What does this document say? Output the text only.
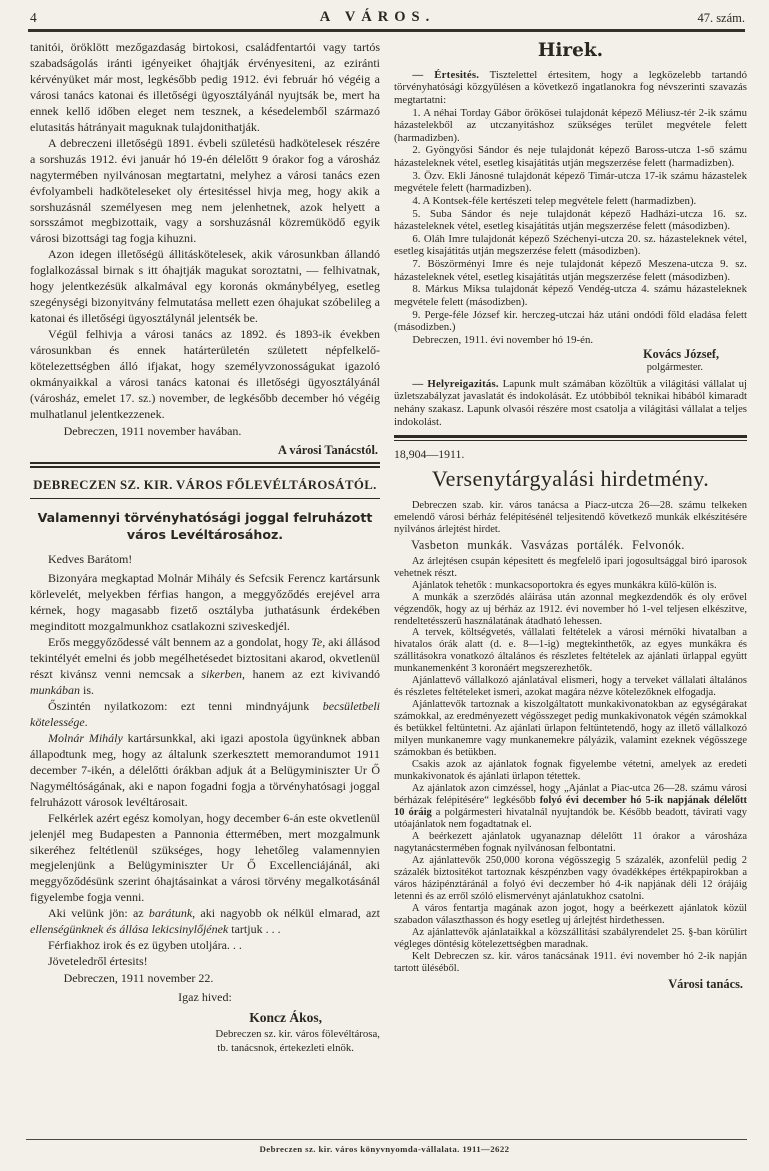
4	A VÁROS.	47. szám.

tanitói, öröklött mezőgazdaság birtokosi, családfentartói vagy tartós szabadságolás iránti igényeiket óhajtják érvényesiteni, az eziránti kérvényüket már most, legkésőbb pedig 1912. évi február hó végéig a városi tanács katonai és illetőségi ügyosztályánál nyujtsák be, mert ha ennek kellő időben eleget nem tesznek, a késedelemből származó elutasitás hátrányait maguknak tulajdonithatják.

A debreczeni illetőségü 1891. évbeli születésü hadkötelesek részére a sorshuzás 1912. évi január hó 19-én délelőtt 9 órakor fog a városház nagytermében nyilvánosan megtartatni, melyhez a városi tanács ezen évfolyambeli hadköteleseket oly értesitéssel hivja meg, hogy akik a sorshuzásnál személyesen meg nem jelenhetnek, azok helyett a sorsszámot megbizottaik, vagy a sorshuzásnál közremüködő egyik városi bizottsági tag fogja kihuzni.

Azon idegen illetőségü állitáskötelesek, akik városunkban állandó foglalkozással birnak s itt óhajtják magukat soroztatni, — felhivatnak, hogy jelentkezésük alkalmával egy koronás okmánybélyeg, esetleg szegénységi bizonyitvány felmutatása mellett ezen óhajukat szóbelileg a katonai és illetőségi ügyosztálynál jelentsék be.

Végül felhivja a városi tanács az 1892. és 1893-ik években városunkban és ennek határterületén született népfelkelő-kötelezettségben álló ifjakat, hogy személyvzonosságukat igazoló okmányaikkal a városi tanács katonai és illetőségi ügyosztályánál (városház, emelet 17. sz.) november, de legkésőbb december hó végéig mulhatlanul jelentkezzenek.

Debreczen, 1911 november havában.

A városi Tanácstól.
DEBRECZEN SZ. KIR. VÁROS FŐLEVÉLTÁROSÁTÓL.
Valamennyi törvényhatósági joggal felruházott város Levéltárosához.

Kedves Barátom!

Bizonyára megkaptad Molnár Mihály és Sefcsik Ferencz kartársunk körlevelét, melyekben férfias hangon, a meggyőződés erejével arra kérnek, hogy magasabb fizető osztályba juthatásunk érdekében meginditott mozgalmunkhoz csatlakozni sziveskedjél.

Erős meggyőződessé vált bennem az a gondolat, hogy Te, aki állásod tekintélyét emelni és jobb megélhetésedet biztositani akarod, okvetlenül részt kivánsz venni nemcsak a sikerben, hanem az ezt kivivandó munkában is.

Őszintén nyilatkozom: ezt tenni mindnyájunk becsületbeli kötelessége.

Molnár Mihály kartársunkkal, aki igazi apostola ügyünknek abban állapodtunk meg, hogy az általunk szerkesztett memorandumot 1911 december 7-ikén, a délelőtti órákban adjuk át a Belügyminiszter Ur Ő Nagyméltóságának, aki e napon fogadni fogja a törvényhatósagi joggal felruházott városok levéltárosait.

Felkérlek azért egész komolyan, hogy december 6-án este okvetlenül jelenjél meg Budapesten a Pannonia éttermében, mert mozgalmunk sikeréhez feltétlenül szükséges, hogy lehetőleg valamennyien megjelenjünk a Belügyminiszter Ur Ő Excellenciájánál, aki meggyőződésünk szerint óhajtásainkat a városi törvény megalkotásánál figyelembe fogja venni.

Aki velünk jön: az barátunk, aki nagyobb ok nélkül elmarad, azt ellenségünknek és állása lekicsinylőjének tartjuk . . .

Férfiakhoz irok és ez ügyben utoljára. . .

Jöveteledről értesits!

Debreczen, 1911 november 22.

Igaz hived:
Koncz Ákos,
Debreczen sz. kir. város fölevéltárosa,
tb. tanácsnok, értekezleti elnök.
Hirek.

— Értesités. Tisztelettel értesitem, hogy a legközelebb tartandó törvényhatósági közgyülésen a következő ingatlanokra fog névszerinti szavazás megtartatni:

1. A néhai Torday Gábor örökösei tulajdonát képező Méliusz-tér 2-ik számu házastelekből az utczanyitáshoz szükséges terület megvétele felett (harmadizben).

2. Gyöngyősi Sándor és neje tulajdonát képező Baross-utcza 1-ső számu házasteleknek vétel, esetleg kisajátitás utján megszerzése felett (harmadizben).

3. Özv. Ekli Jánosné tulajdonát képező Timár-utcza 17-ik számu házastelek megvétele felett (harmadizben).

4. A Kontsek-féle kertészeti telep megvétele felett (harmadizben).

5. Suba Sándor és neje tulajdonát képező Hadházi-utcza 16. sz. házasteleknek vétel, esetleg kisajátitás utján megszerzése felett (másodizben).

6. Oláh Imre tulajdonát képező Széchenyi-utcza 20. sz. házasteleknek vétel, esetleg kisajátitás utján megszerzése felett (másodizben).

7. Böszörményi Imre és neje tulajdonát képező Meszena-utcza 9. sz. házasteleknek vétel, esetleg kisajátitás utján megszerzése felett (másodizben).

8. Márkus Miksa tulajdonát képező Vendég-utcza 4. számu házasteleknek megvétele felett (másodizben).

9. Perge-féle József kir. herczeg-utczai ház utáni ondódi föld eladása felett (másodizben.)

Debreczen, 1911. évi november hó 19-én.

Kovács József,
polgármester.

— Helyreigazitás. Lapunk mult számában közöltük a világitási vállalat uj üzletszabályzat javaslatát és indokolását. Ez utóbbiból teknikai hibából kimaradt nehány szakasz. Lapunk olvasói részére most csatolja a világitási vállalat a teljes indokolást.

18,904—1911.
Versenytárgyalási hirdetmény.

Debreczen szab. kir. város tanácsa a Piacz-utcza 26—28. számu telkeken emelendő városi bérház felépitésénél teljesitendő következő munkák elkészitésére nyilvános árlejtést hirdet.

Vasbeton munkák. Vasvázas portálék. Felvonók.

Az árlejtésen csupán képesitett és megfelelő ipari jogosultsággal biró iparosok vehetnek részt.

Ajánlatok tehetők : munkacsoportokra és egyes munkákra külö-külön is.

A munkák a szerződés aláirása után azonnal megkezdendők és oly erővel végzendők, hogy az uj bérház az 1912. évi november hó 1-vel teljesen elkészitve, rendeltetésszerü használatának átadható lehessen.

A tervek, költségvetés, vállalati feltételek a városi mérnöki hivatalban a hivatalos órák alatt (d. e. 8—1-ig) megtekinthetők, az egyes munkákra és szállitásokra vonatkozó általános és részletes feltételek az ajánlati ürlappal együtt munkanemenként 3 koronáért megszerezhetők.

Ajánlattevő vállalkozó ajánlatával elismeri, hogy a terveket vállalati általános és részletes feltételeket ismeri, azokat magára nézve kötelezőknek elfogadja.

Ajánlattevők tartoznak a kiszolgáltatott munkakivonatokban az egységárakat számokkal, az eredményezett végösszeget pedig munkakivonatok végén számokkal és betükkel feltüntetni. Az ajánlati ürlapon feltüntetendő, hogy az illető vállalkozó milyen munkanemre vagy munkanemekre pályázik, valamint ezeknek végösszege számokban és betükben.

Csakis azok az ajánlatok fognak figyelembe vétetni, amelyek az eredeti munkakivonatok és ajánlati ürlapon tétettek.

Az ajánlatok azon cimzéssel, hogy „Ajánlat a Piac-utca 26—28. számu városi bérházak felépitésére“ legkésőbb folyó évi december hó 5-ik napjának délelőtt 10 óráig a polgármesteri hivatalnál nyujtandók be. Később beadott, távirati vagy utóajánlatok nem fogadtatnak el.

A beérkezett ajánlatok ugyanaznap délelőtt 11 órakor a városháza nagytanácstermében fognak nyilvánosan felbontatni.

Az ajánlattevők 250,000 korona végösszegig 5 százalék, azonfelül pedig 2 százalék biztositékot tartoznak készpénzben vagy óvadékképes értékpapirokban a város házipénztáránál a folyó évi deczember hó 4-ik napjának déli 12 órájáig letenni és az erről szóló elismervényt ajánlatukhoz csatolni.

A város fentartja magának azon jogot, hogy a beérkezett ajánlatok közül szabadon választhasson és hogy esetleg uj árlejtést hirdethessen.

Az ajánlattevők ajánlataikkal a közszállitási szabályrendelet 25. §-ban körülirt végleges döntésig kötelezettségben maradnak.

Kelt Debreczen sz. kir. város tanácsának 1911. évi november hó 2-ik napján tartott üléséből.

Városi tanács.
Debreczen sz. kir. város könyvnyomda-vállalata. 1911—2622
